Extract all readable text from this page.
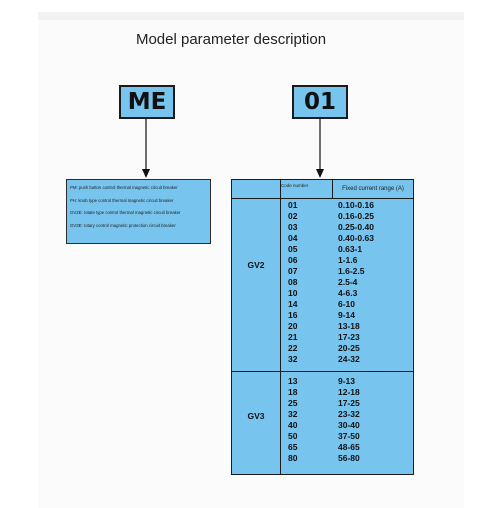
Model parameter description
ME	01
PM: push button control thermal magnetic circuit breaker
PH: knob type control thermal magnetic circuit breaker
GV2E: rotate type control thermal magnetic circuit breaker
GV3E: rotary control magnetic protection circuit breaker
Code number
Fixed current range (A)
GV2
01	0.10-0.16
02	0.16-0.25
03	0.25-0.40
04	0.40-0.63
05	0.63-1
06	1-1.6
07	1.6-2.5
08	2.5-4
10	4-6.3
14	6-10
16	9-14
20	13-18
21	17-23
22	20-25
32	24-32
GV3
13	9-13
18	12-18
25	17-25
32	23-32
40	30-40
50	37-50
65	48-65
80	56-80
